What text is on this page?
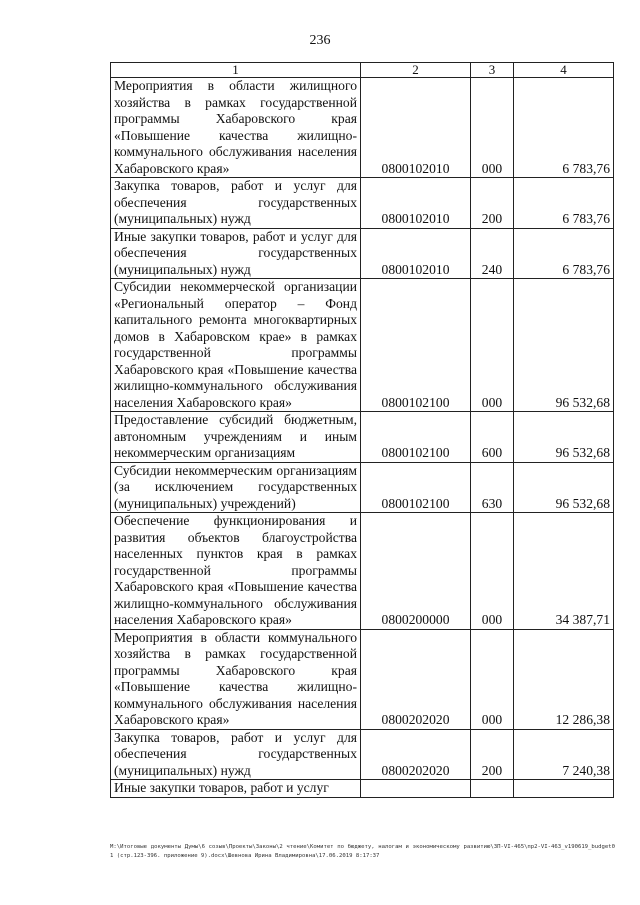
236
1	2	3	4
Мероприятия в области жилищного хозяйства в рамках государственной программы Хабаровского края «Повышение качества жилищно-коммунального обслуживания населения Хабаровского края»	0800102010	000	6 783,76
Закупка товаров, работ и услуг для обеспечения государственных (муниципальных) нужд	0800102010	200	6 783,76
Иные закупки товаров, работ и услуг для обеспечения государственных (муниципальных) нужд	0800102010	240	6 783,76
Субсидии некоммерческой организации «Региональный оператор – Фонд капитального ремонта многоквартирных домов в Хабаровском крае» в рамках государственной программы Хабаровского края «Повышение качества жилищно-коммунального обслуживания населения Хабаровского края»	0800102100	000	96 532,68
Предоставление субсидий бюджетным, автономным учреждениям и иным некоммерческим организациям	0800102100	600	96 532,68
Субсидии некоммерческим организациям (за исключением государственных (муниципальных) учреждений)	0800102100	630	96 532,68
Обеспечение функционирования и развития объектов благоустройства населенных пунктов края в рамках государственной программы Хабаровского края «Повышение качества жилищно-коммунального обслуживания населения Хабаровского края»	0800200000	000	34 387,71
Мероприятия в области коммунального хозяйства в рамках государственной программы Хабаровского края «Повышение качества жилищно-коммунального обслуживания населения Хабаровского края»	0800202020	000	12 286,38
Закупка товаров, работ и услуг для обеспечения государственных (муниципальных) нужд	0800202020	200	7 240,38
Иные закупки товаров, работ и услуг			
М:\Итоговые документы Думы\6 созыв\Проекты\Законы\2 чтение\Комитет по бюджету, налогам и экономическому развитию\ЗП-VI-465\пр2-VI-463_v190619_budget01 (стр.123-396. приложение 9).docx\Шевнова Ирина Владимировна\17.06.2019 8:17:37
